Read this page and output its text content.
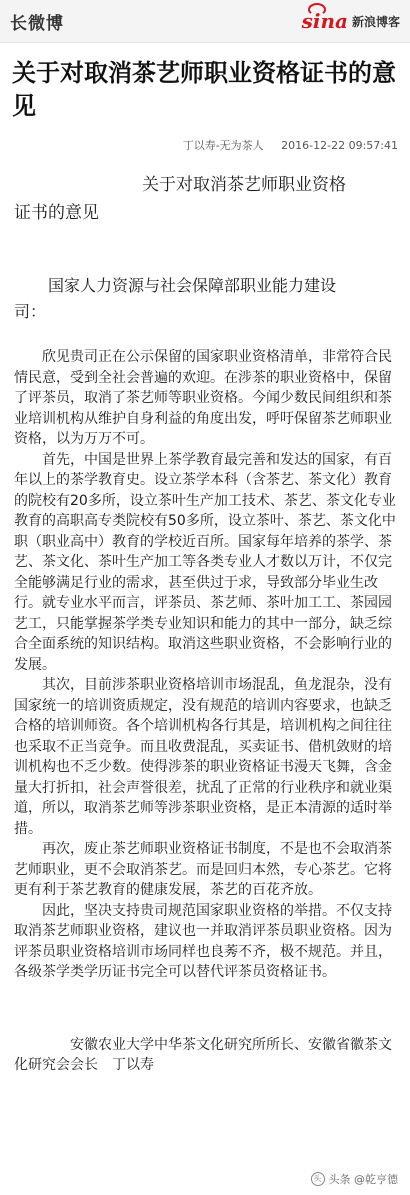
长微博	sina 新浪博客
关于对取消茶艺师职业资格证书的意见
丁以寿-无为茶人 2016-12-22 09:57:41

关于对取消茶艺师职业资格
证书的意见

国家人力资源与社会保障部职业能力建设
司：

欣见贵司正在公示保留的国家职业资格清单，非常符合民情民意，受到全社会普遍的欢迎。在涉茶的职业资格中，保留了评茶员，取消了茶艺师等职业资格。今闻少数民间组织和茶业培训机构从维护自身利益的角度出发，呼吁保留茶艺师职业资格，以为万万不可。

首先，中国是世界上茶学教育最完善和发达的国家，有百年以上的茶学教育史。设立茶学本科（含茶艺、茶文化）教育的院校有20多所，设立茶叶生产加工技术、茶艺、茶文化专业教育的高职高专类院校有50多所，设立茶叶、茶艺、茶文化中职（职业高中）教育的学校近百所。国家每年培养的茶学、茶艺、茶文化、茶叶生产加工等各类专业人才数以万计，不仅完全能够满足行业的需求，甚至供过于求，导致部分毕业生改行。就专业水平而言，评茶员、茶艺师、茶叶加工工、茶园园艺工，只能掌握茶学类专业知识和能力的其中一部分，缺乏综合全面系统的知识结构。取消这些职业资格，不会影响行业的发展。

其次，目前涉茶职业资格培训市场混乱，鱼龙混杂，没有国家统一的培训资质规定，没有规范的培训内容要求，也缺乏合格的培训师资。各个培训机构各行其是，培训机构之间往往也采取不正当竞争。而且收费混乱，买卖证书、借机敛财的培训机构也不乏少数。使得涉茶的职业资格证书漫天飞舞，含金量大打折扣，社会声誉很差，扰乱了正常的行业秩序和就业渠道，所以，取消茶艺师等涉茶职业资格，是正本清源的适时举措。

再次，废止茶艺师职业资格证书制度，不是也不会取消茶艺师职业，更不会取消茶艺。而是回归本然，专心茶艺。它将更有利于茶艺教育的健康发展，茶艺的百花齐放。

因此，坚决支持贵司规范国家职业资格的举措。不仅支持取消茶艺师职业资格，建议也一并取消评茶员职业资格。因为评茶员职业资格培训市场同样也良莠不齐，极不规范。并且，各级茶学类学历证书完全可以替代评茶员资格证书。

安徽农业大学中华茶文化研究所所长、安徽省徽茶文化研究会会长　丁以寿

头 头条 @乾亨德
